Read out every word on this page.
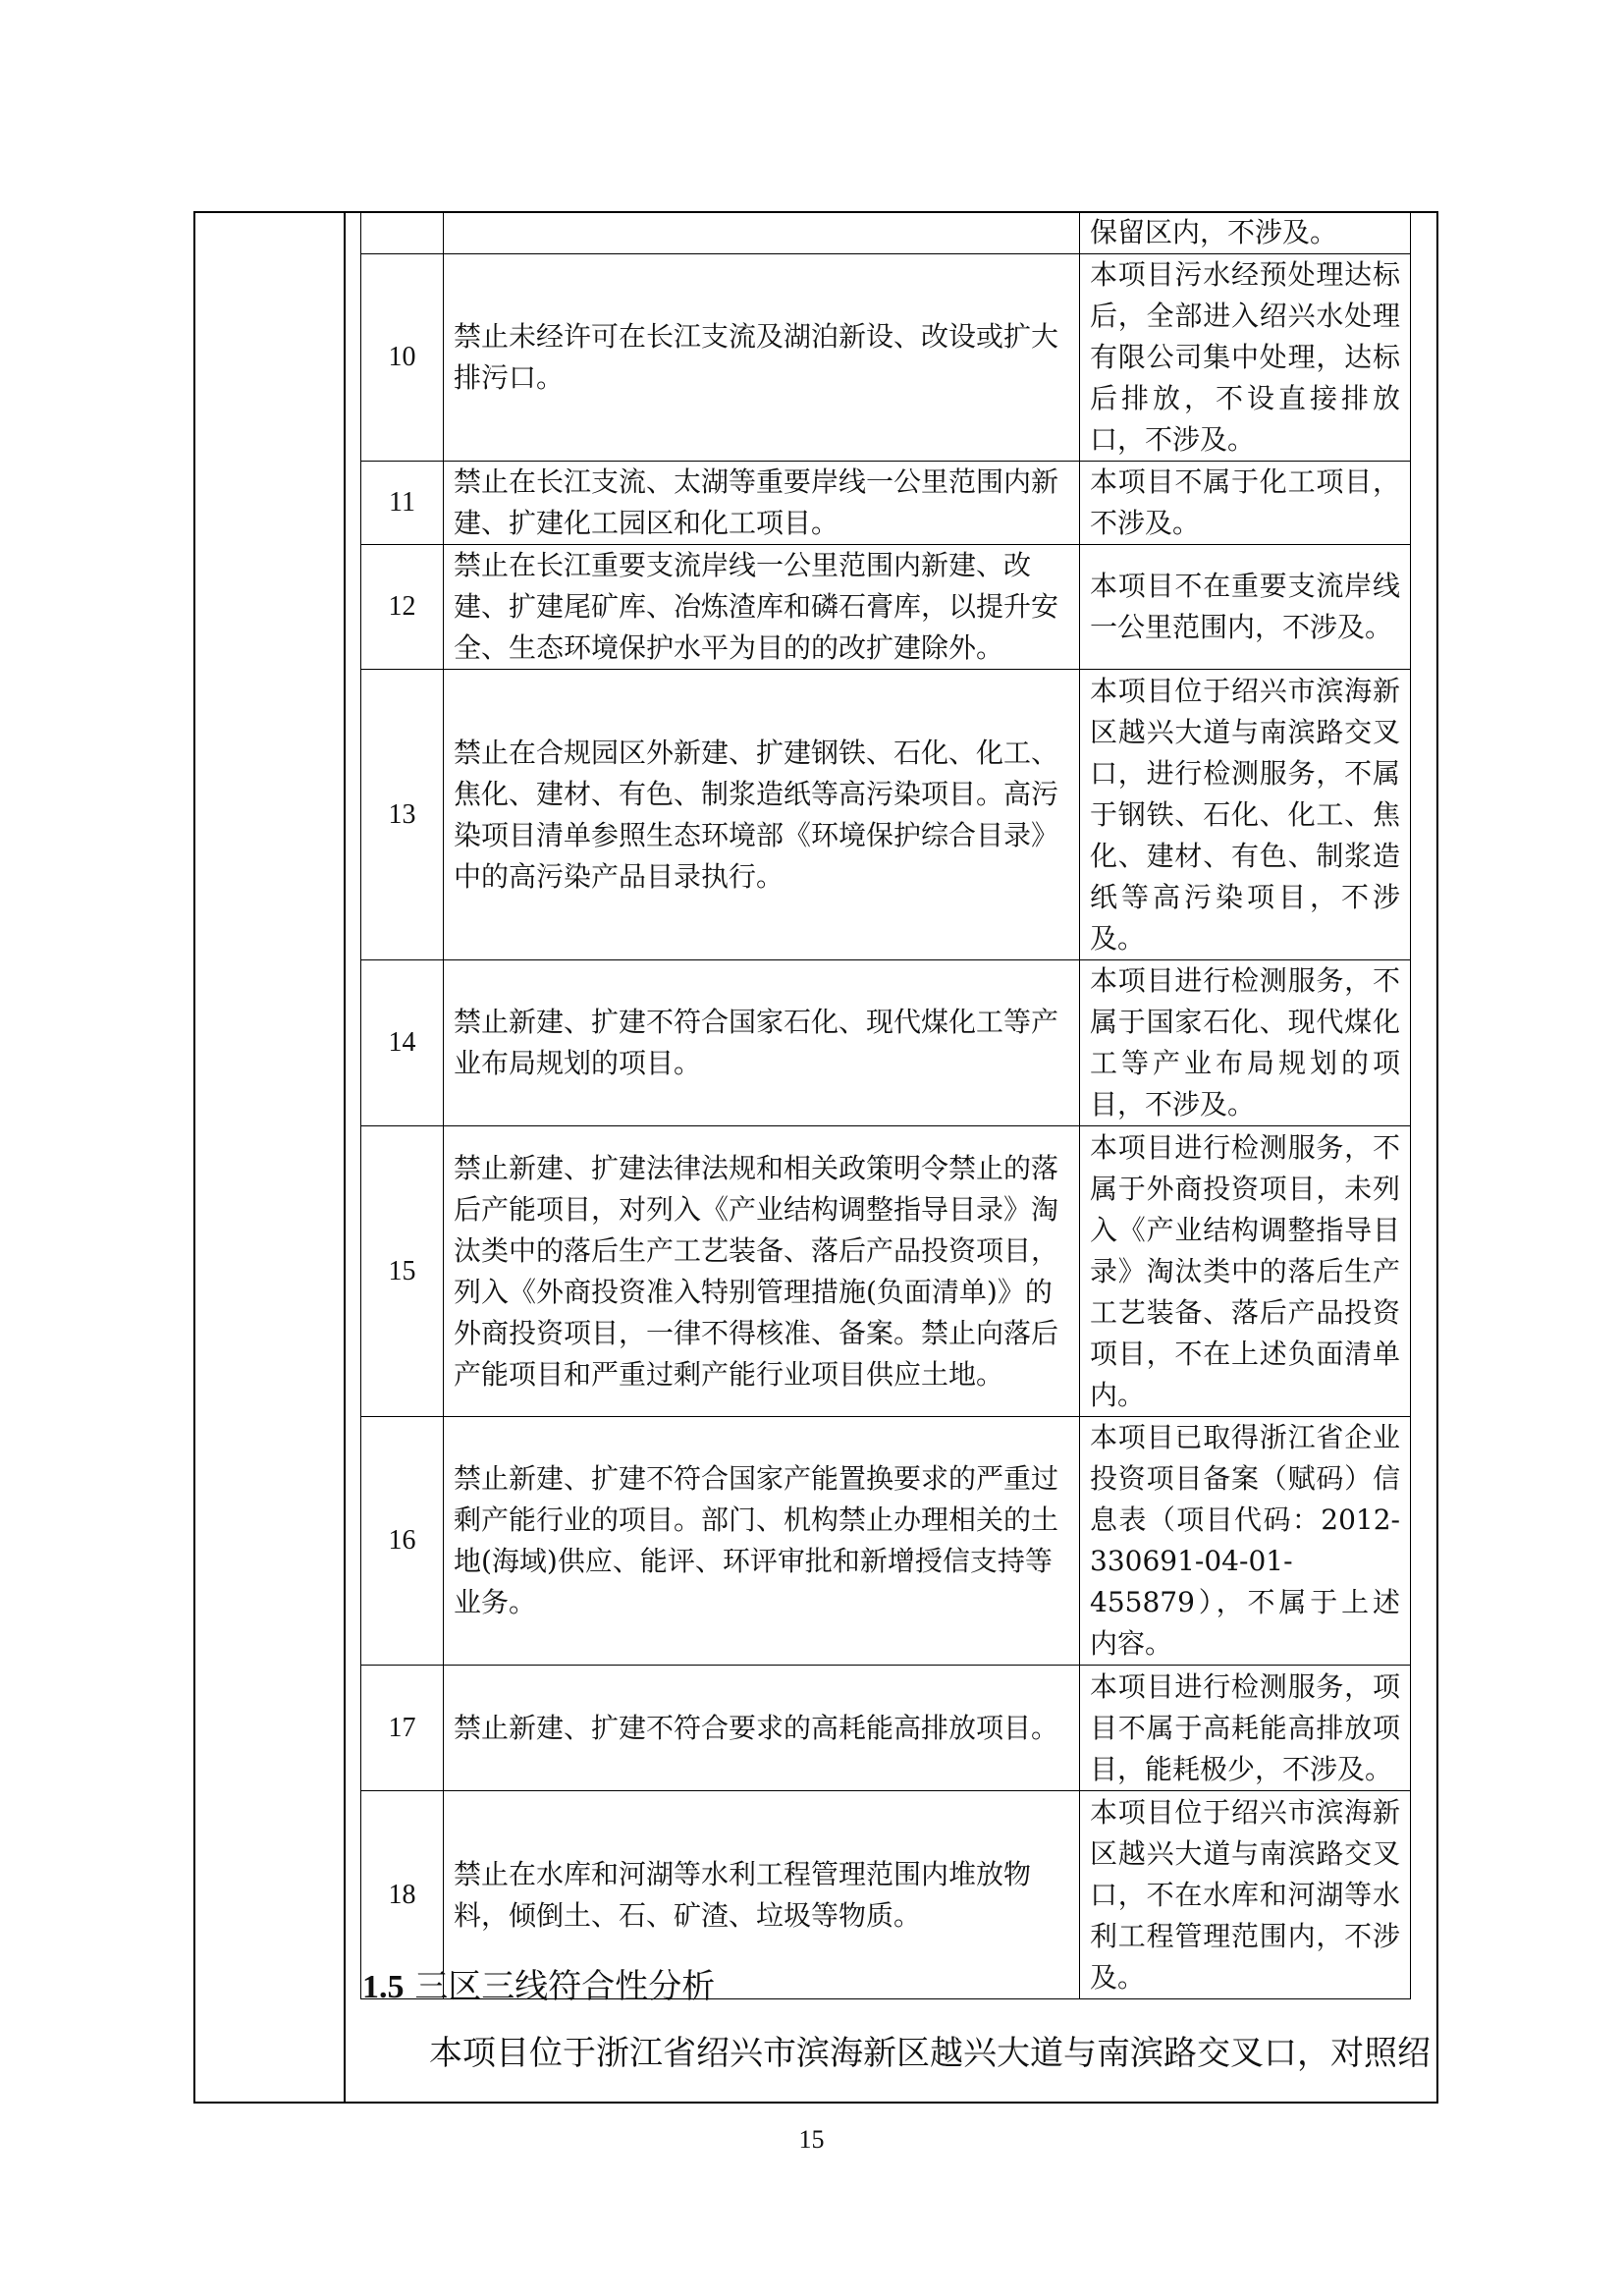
		保留区内，不涉及。
10	禁止未经许可在长江支流及湖泊新设、改设或扩大排污口。	本项目污水经预处理达标后，全部进入绍兴水处理有限公司集中处理，达标后排放，不设直接排放口，不涉及。
11	禁止在长江支流、太湖等重要岸线一公里范围内新建、扩建化工园区和化工项目。	本项目不属于化工项目，不涉及。
12	禁止在长江重要支流岸线一公里范围内新建、改建、扩建尾矿库、冶炼渣库和磷石膏库，以提升安全、生态环境保护水平为目的的改扩建除外。	本项目不在重要支流岸线一公里范围内，不涉及。
13	禁止在合规园区外新建、扩建钢铁、石化、化工、焦化、建材、有色、制浆造纸等高污染项目。高污染项目清单参照生态环境部《环境保护综合目录》中的高污染产品目录执行。	本项目位于绍兴市滨海新区越兴大道与南滨路交叉口，进行检测服务，不属于钢铁、石化、化工、焦化、建材、有色、制浆造纸等高污染项目，不涉及。
14	禁止新建、扩建不符合国家石化、现代煤化工等产业布局规划的项目。	本项目进行检测服务，不属于国家石化、现代煤化工等产业布局规划的项目，不涉及。
15	禁止新建、扩建法律法规和相关政策明令禁止的落后产能项目，对列入《产业结构调整指导目录》淘汰类中的落后生产工艺装备、落后产品投资项目，列入《外商投资准入特别管理措施(负面清单)》的外商投资项目，一律不得核准、备案。禁止向落后产能项目和严重过剩产能行业项目供应土地。	本项目进行检测服务，不属于外商投资项目，未列入《产业结构调整指导目录》淘汰类中的落后生产工艺装备、落后产品投资项目，不在上述负面清单内。
16	禁止新建、扩建不符合国家产能置换要求的严重过剩产能行业的项目。部门、机构禁止办理相关的土地(海域)供应、能评、环评审批和新增授信支持等业务。	本项目已取得浙江省企业投资项目备案（赋码）信息表（项目代码：2012-330691-04-01-455879），不属于上述内容。
17	禁止新建、扩建不符合要求的高耗能高排放项目。	本项目进行检测服务，项目不属于高耗能高排放项目，能耗极少，不涉及。
18	禁止在水库和河湖等水利工程管理范围内堆放物料，倾倒土、石、矿渣、垃圾等物质。	本项目位于绍兴市滨海新区越兴大道与南滨路交叉口，不在水库和河湖等水利工程管理范围内，不涉及。
1.5 三区三线符合性分析
本项目位于浙江省绍兴市滨海新区越兴大道与南滨路交叉口，对照绍
15
